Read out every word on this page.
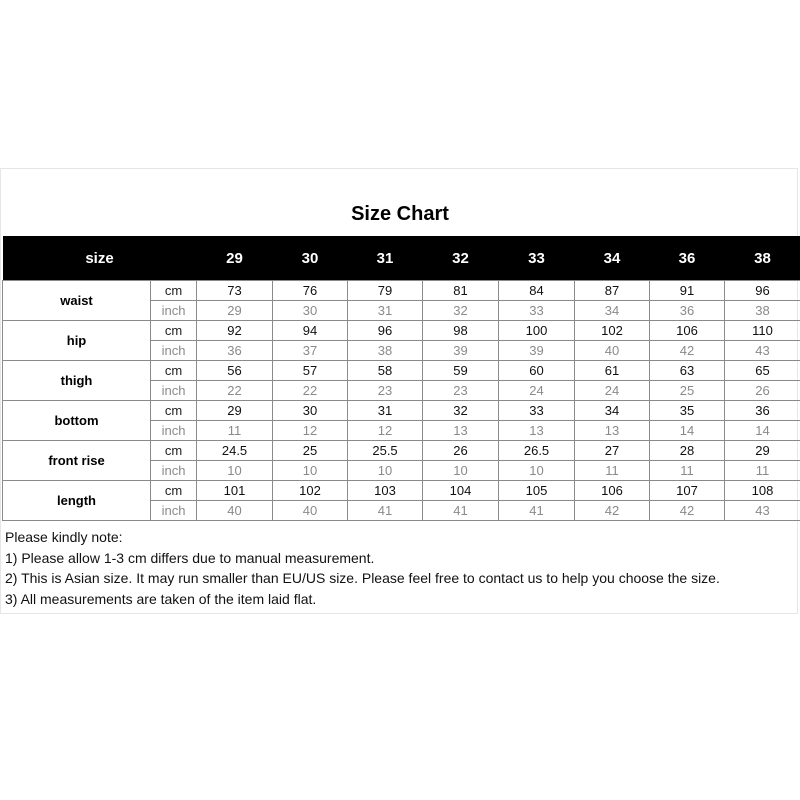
Size Chart
size		29	30	31	32	33	34	36	38
waist	cm	73	76	79	81	84	87	91	96
	inch	29	30	31	32	33	34	36	38
hip	cm	92	94	96	98	100	102	106	110
	inch	36	37	38	39	39	40	42	43
thigh	cm	56	57	58	59	60	61	63	65
	inch	22	22	23	23	24	24	25	26
bottom	cm	29	30	31	32	33	34	35	36
	inch	11	12	12	13	13	13	14	14
front rise	cm	24.5	25	25.5	26	26.5	27	28	29
	inch	10	10	10	10	10	11	11	11
length	cm	101	102	103	104	105	106	107	108
	inch	40	40	41	41	41	42	42	43
Please kindly note:
1) Please allow 1-3 cm differs due to manual measurement.
2) This is Asian size. It may run smaller than EU/US size. Please feel free to contact us to help you choose the size.
3) All measurements are taken of the item laid flat.
